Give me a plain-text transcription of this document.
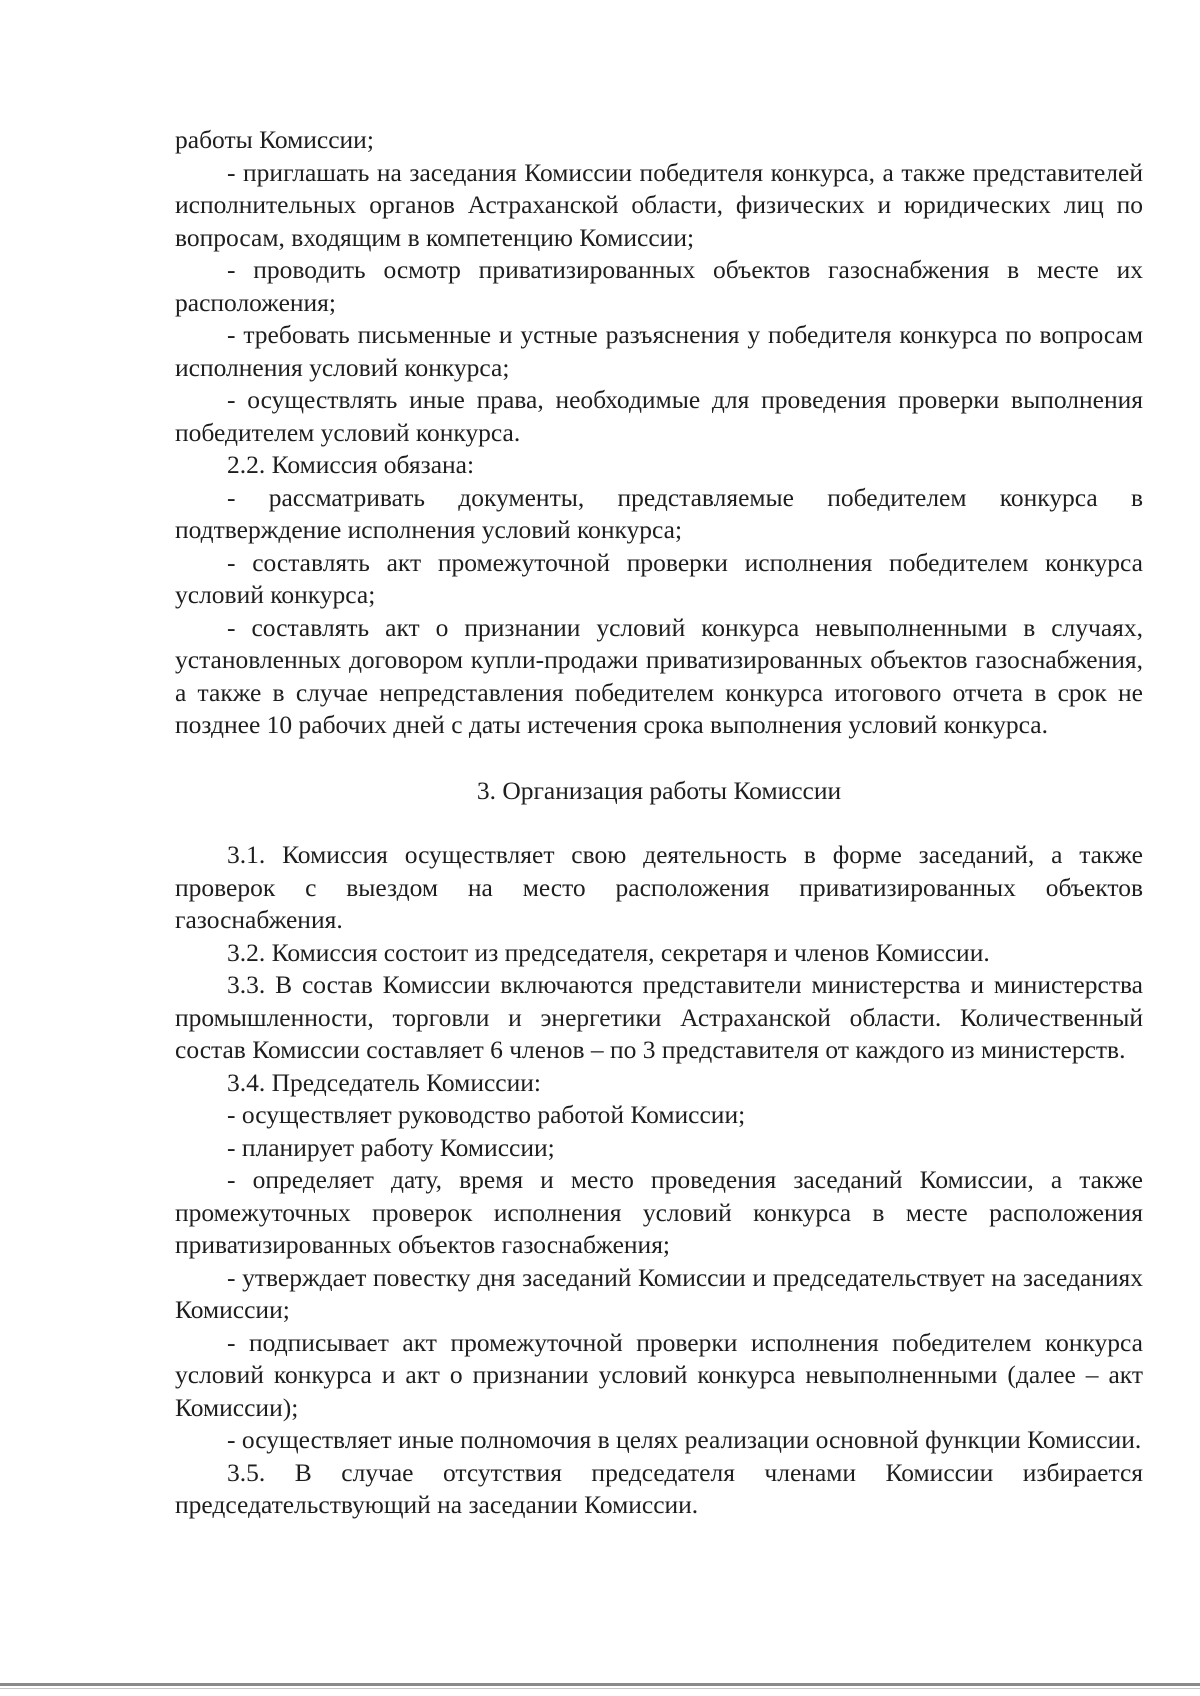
работы Комиссии;

- приглашать на заседания Комиссии победителя конкурса, а также представителей исполнительных органов Астраханской области, физических и юридических лиц по вопросам, входящим в компетенцию Комиссии;

- проводить осмотр приватизированных объектов газоснабжения в месте их расположения;

- требовать письменные и устные разъяснения у победителя конкурса по вопросам исполнения условий конкурса;

- осуществлять иные права, необходимые для проведения проверки выполнения победителем условий конкурса.

2.2. Комиссия обязана:

- рассматривать документы, представляемые победителем конкурса в подтверждение исполнения условий конкурса;

- составлять акт промежуточной проверки исполнения победителем конкурса условий конкурса;

- составлять акт о признании условий конкурса невыполненными в случаях, установленных договором купли-продажи приватизированных объектов газоснабжения, а также в случае непредставления победителем конкурса итогового отчета в срок не позднее 10 рабочих дней с даты истечения срока выполнения условий конкурса.

3. Организация работы Комиссии

3.1. Комиссия осуществляет свою деятельность в форме заседаний, а также проверок с выездом на место расположения приватизированных объектов газоснабжения.

3.2. Комиссия состоит из председателя, секретаря и членов Комиссии.

3.3. В состав Комиссии включаются представители министерства и министерства промышленности, торговли и энергетики Астраханской области. Количественный состав Комиссии составляет 6 членов – по 3 представителя от каждого из министерств.

3.4. Председатель Комиссии:

- осуществляет руководство работой Комиссии;

- планирует работу Комиссии;

- определяет дату, время и место проведения заседаний Комиссии, а также промежуточных проверок исполнения условий конкурса в месте расположения приватизированных объектов газоснабжения;

- утверждает повестку дня заседаний Комиссии и председательствует на заседаниях Комиссии;

- подписывает акт промежуточной проверки исполнения победителем конкурса условий конкурса и акт о признании условий конкурса невыполненными (далее – акт Комиссии);

- осуществляет иные полномочия в целях реализации основной функции Комиссии.

3.5. В случае отсутствия председателя членами Комиссии избирается председательствующий на заседании Комиссии.
